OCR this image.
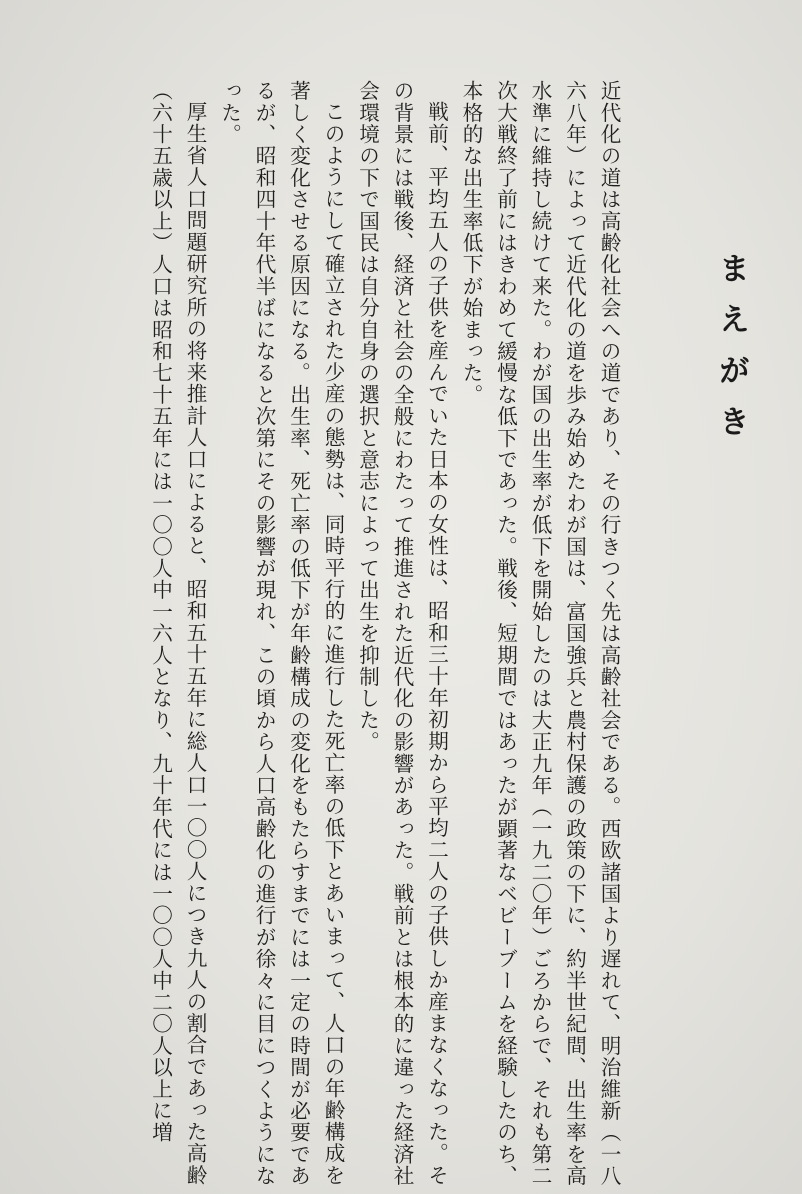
まえがき

近代化の道は高齢化社会への道であり、その行きつく先は高齢社会である。西欧諸国より遅れて、明治維新（一八六八年）によって近代化の道を歩み始めたわが国は、富国強兵と農村保護の政策の下に、約半世紀間、出生率を高水準に維持し続けて来た。わが国の出生率が低下を開始したのは大正九年（一九二〇年）ごろからで、それも第二次大戦終了前にはきわめて緩慢な低下であった。戦後、短期間ではあったが顕著なベビーブームを経験したのち、本格的な出生率低下が始まった。

戦前、平均五人の子供を産んでいた日本の女性は、昭和三十年初期から平均二人の子供しか産まなくなった。その背景には戦後、経済と社会の全般にわたって推進された近代化の影響があった。戦前とは根本的に違った経済社会環境の下で国民は自分自身の選択と意志によって出生を抑制した。

このようにして確立された少産の態勢は、同時平行的に進行した死亡率の低下とあいまって、人口の年齢構成を著しく変化させる原因になる。出生率、死亡率の低下が年齢構成の変化をもたらすまでには一定の時間が必要であるが、昭和四十年代半ばになると次第にその影響が現れ、この頃から人口高齢化の進行が徐々に目につくようになった。

厚生省人口問題研究所の将来推計人口によると、昭和五十五年に総人口一〇〇人につき九人の割合であった高齢（六十五歳以上）人口は昭和七十五年には一〇〇人中一六人となり、九十年代には一〇〇人中二〇人以上に増
